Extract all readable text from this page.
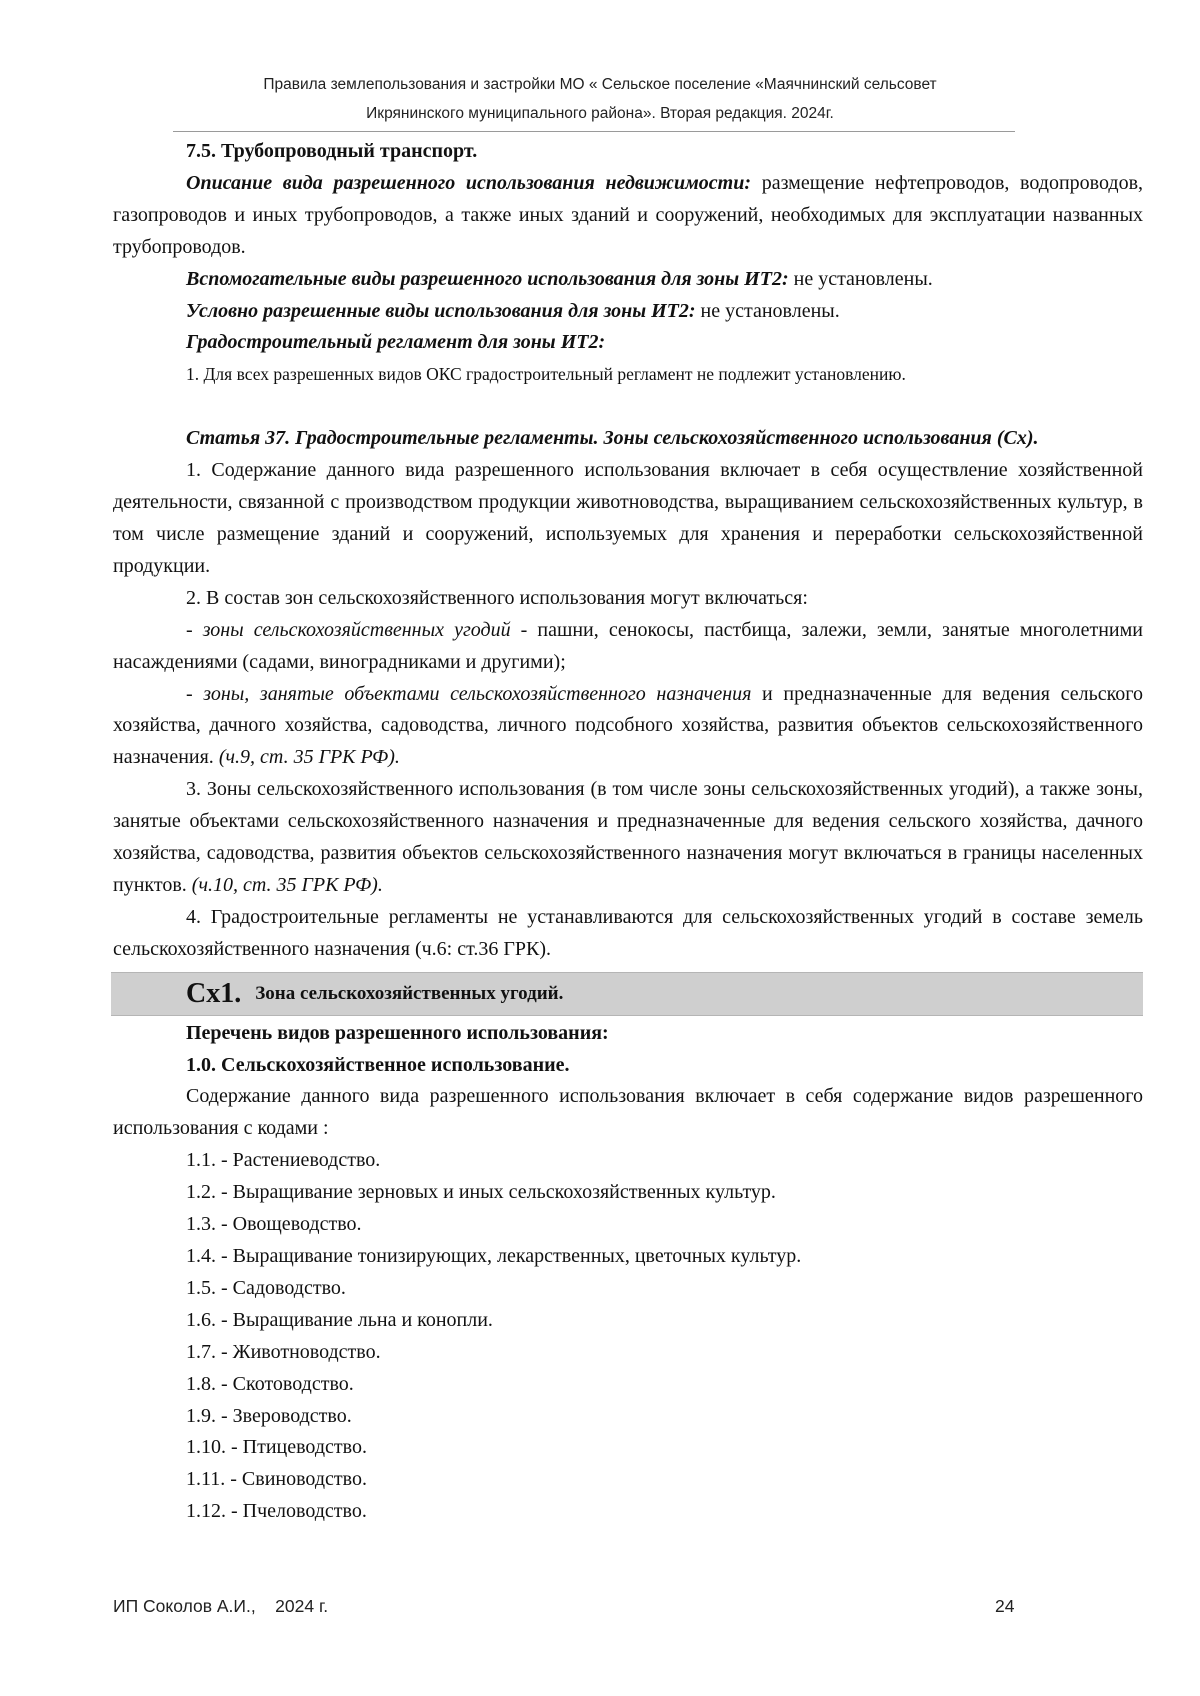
Правила землепользования и застройки МО « Сельское поселение «Маячнинский сельсовет
Икрянинского муниципального района». Вторая редакция. 2024г.

7.5. Трубопроводный транспорт.

Описание вида разрешенного использования недвижимости: размещение нефтепроводов, водопроводов, газопроводов и иных трубопроводов, а также иных зданий и сооружений, необходимых для эксплуатации названных трубопроводов.

Вспомогательные виды разрешенного использования для зоны ИТ2: не установлены.

Условно разрешенные виды использования для зоны ИТ2: не установлены.

Градостроительный регламент для зоны ИТ2:

1. Для всех разрешенных видов ОКС градостроительный регламент не подлежит установлению.

Статья 37. Градостроительные регламенты. Зоны сельскохозяйственного использования (Сх).

1. Содержание данного вида разрешенного использования включает в себя осуществление хозяйственной деятельности, связанной с производством продукции животноводства, выращиванием сельскохозяйственных культур, в том числе размещение зданий и сооружений, используемых для хранения и переработки сельскохозяйственной продукции.

2. В состав зон сельскохозяйственного использования могут включаться:

- зоны сельскохозяйственных угодий - пашни, сенокосы, пастбища, залежи, земли, занятые многолетними насаждениями (садами, виноградниками и другими);

- зоны, занятые объектами сельскохозяйственного назначения и предназначенные для ведения сельского хозяйства, дачного хозяйства, садоводства, личного подсобного хозяйства, развития объектов сельскохозяйственного назначения. (ч.9, ст. 35 ГРК РФ).

3. Зоны сельскохозяйственного использования (в том числе зоны сельскохозяйственных угодий), а также зоны, занятые объектами сельскохозяйственного назначения и предназначенные для ведения сельского хозяйства, дачного хозяйства, садоводства, развития объектов сельскохозяйственного назначения могут включаться в границы населенных пунктов. (ч.10, ст. 35 ГРК РФ).

4. Градостроительные регламенты не устанавливаются для сельскохозяйственных угодий в составе земель сельскохозяйственного назначения (ч.6: ст.36 ГРК).

Сх1. Зона сельскохозяйственных угодий.

Перечень видов разрешенного использования:

1.0. Сельскохозяйственное использование.

Содержание данного вида разрешенного использования включает в себя содержание видов разрешенного использования с кодами :

1.1. - Растениеводство.

1.2. - Выращивание зерновых и иных сельскохозяйственных культур.

1.3. - Овощеводство.

1.4. - Выращивание тонизирующих, лекарственных, цветочных культур.

1.5. - Садоводство.

1.6. - Выращивание льна и конопли.

1.7. - Животноводство.

1.8. - Скотоводство.

1.9. - Звероводство.

1.10. - Птицеводство.

1.11. - Свиноводство.

1.12. - Пчеловодство.

ИП Соколов А.И.,    2024 г.	24
